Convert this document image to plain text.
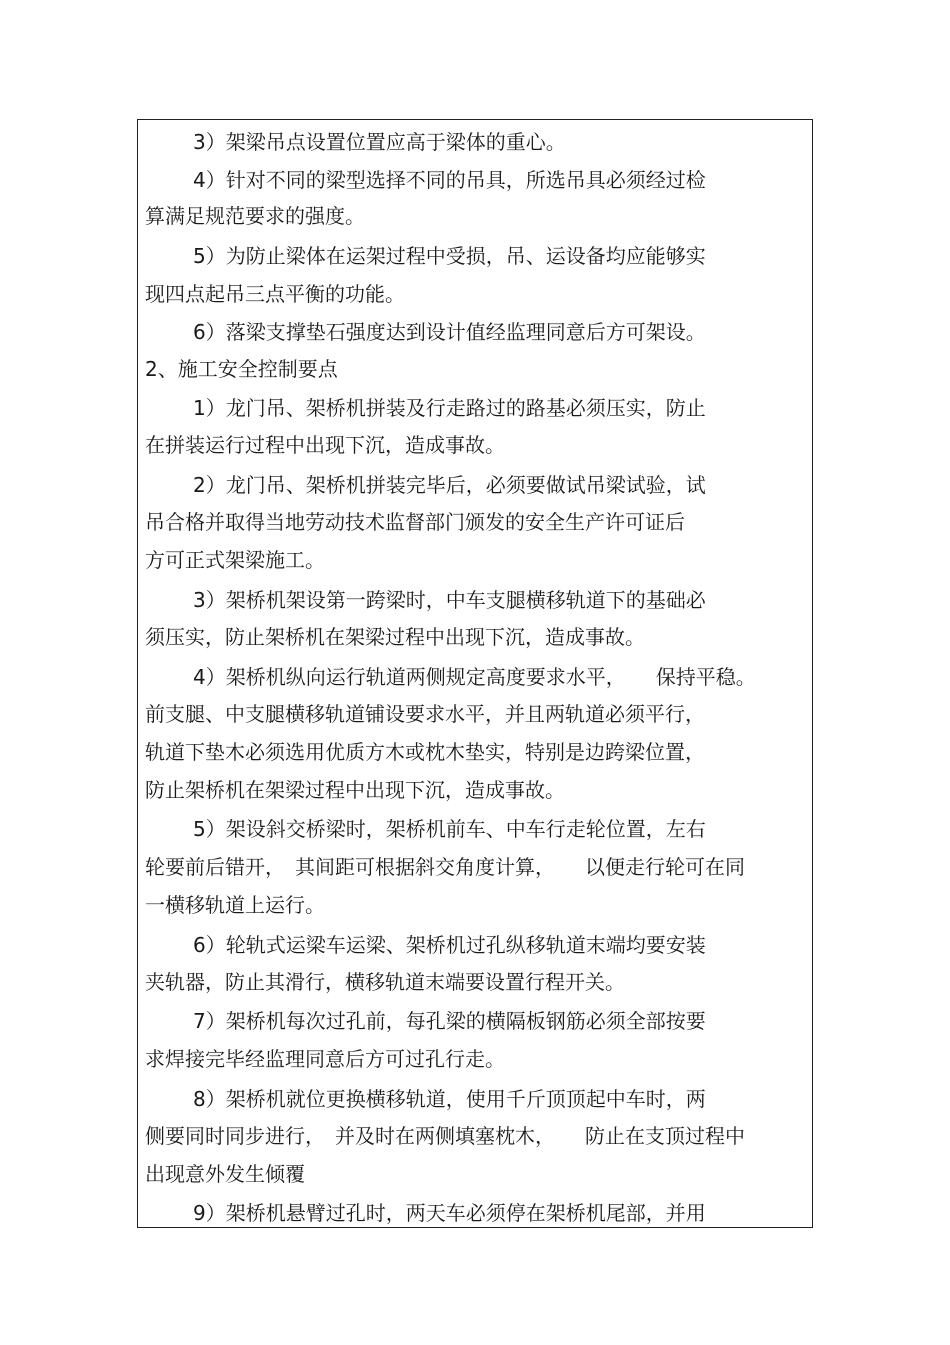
3）架梁吊点设置位置应高于梁体的重心。
4）针对不同的梁型选择不同的吊具，所选吊具必须经过检
算满足规范要求的强度。
5）为防止梁体在运架过程中受损，吊、运设备均应能够实
现四点起吊三点平衡的功能。
6）落梁支撑垫石强度达到设计值经监理同意后方可架设。
2、施工安全控制要点
1）龙门吊、架桥机拼装及行走路过的路基必须压实，防止
在拼装运行过程中出现下沉，造成事故。
2）龙门吊、架桥机拼装完毕后，必须要做试吊梁试验，试
吊合格并取得当地劳动技术监督部门颁发的安全生产许可证后
方可正式架梁施工。
3）架桥机架设第一跨梁时，中车支腿横移轨道下的基础必
须压实，防止架桥机在架梁过程中出现下沉，造成事故。
4）架桥机纵向运行轨道两侧规定高度要求水平，　　保持平稳。
前支腿、中支腿横移轨道铺设要求水平，并且两轨道必须平行，
轨道下垫木必须选用优质方木或枕木垫实，特别是边跨梁位置，
防止架桥机在架梁过程中出现下沉，造成事故。
5）架设斜交桥梁时，架桥机前车、中车行走轮位置，左右
轮要前后错开，　其间距可根据斜交角度计算，　　以便走行轮可在同
一横移轨道上运行。
6）轮轨式运梁车运梁、架桥机过孔纵移轨道末端均要安装
夹轨器，防止其滑行，横移轨道末端要设置行程开关。
7）架桥机每次过孔前，每孔梁的横隔板钢筋必须全部按要
求焊接完毕经监理同意后方可过孔行走。
8）架桥机就位更换横移轨道，使用千斤顶顶起中车时，两
侧要同时同步进行，　并及时在两侧填塞枕木，　　防止在支顶过程中
出现意外发生倾覆
9）架桥机悬臂过孔时，两天车必须停在架桥机尾部，并用
